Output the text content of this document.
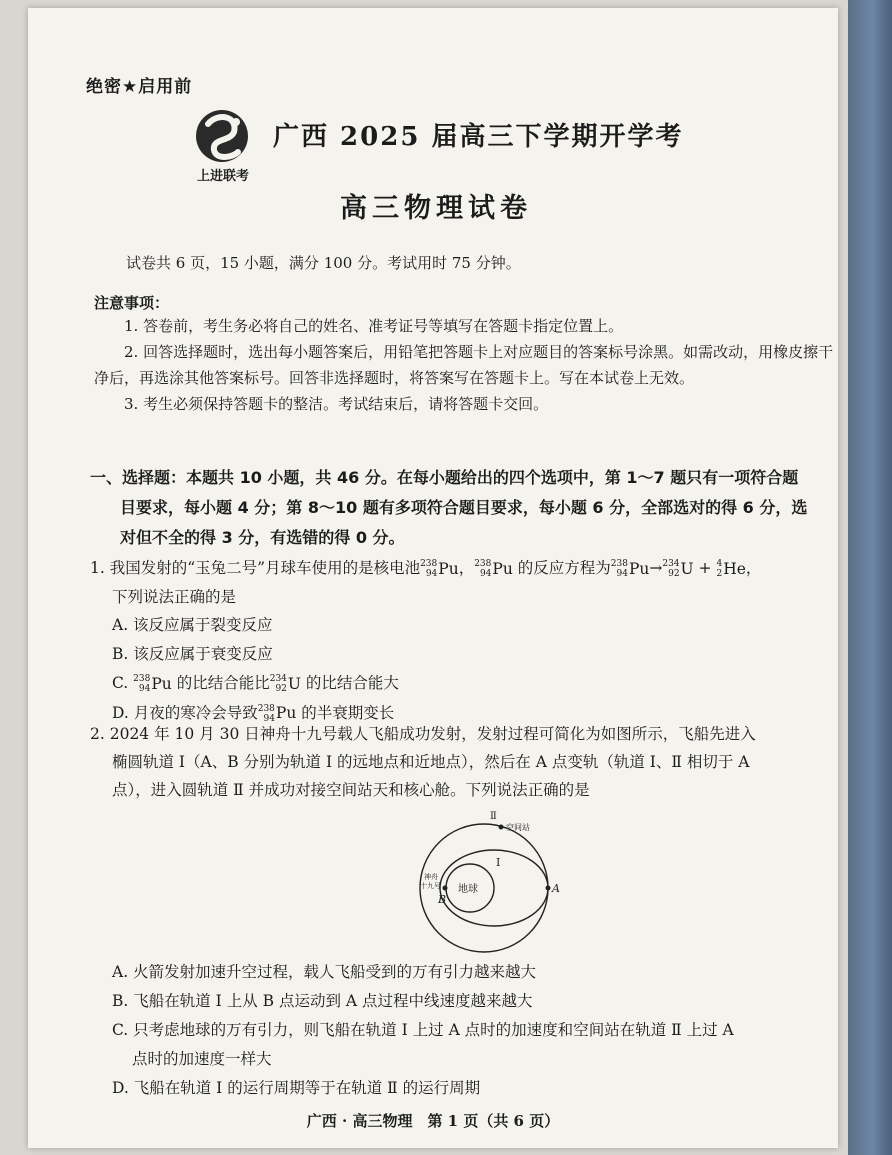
绝密★启用前
上进联考
广西 2025 届高三下学期开学考
高三物理试卷
试卷共 6 页，15 小题，满分 100 分。考试用时 75 分钟。
注意事项：

1. 答卷前，考生务必将自己的姓名、准考证号等填写在答题卡指定位置上。

2. 回答选择题时，选出每小题答案后，用铅笔把答题卡上对应题目的答案标号涂黑。如需改动，用橡皮擦干净后，再选涂其他答案标号。回答非选择题时，将答案写在答题卡上。写在本试卷上无效。

3. 考生必须保持答题卡的整洁。考试结束后，请将答题卡交回。

一、选择题：本题共 10 小题，共 46 分。在每小题给出的四个选项中，第 1～7 题只有一项符合题
目要求，每小题 4 分；第 8～10 题有多项符合题目要求，每小题 6 分，全部选对的得 6 分，选
对但不全的得 3 分，有选错的得 0 分。
1. 我国发射的“玉兔二号”月球车使用的是核电池 238
94 Pu ， 238
94 Pu 的反应方程为 238
94 Pu → 234
92 U + 4
2 He ，
下列说法正确的是
A. 该反应属于裂变反应
B. 该反应属于衰变反应
C. 238
94 Pu 的比结合能比 234
92 U 的比结合能大
D. 月夜的寒冷会导致 238
94 Pu 的半衰期变长
2. 2024 年 10 月 30 日神舟十九号载人飞船成功发射，发射过程可简化为如图所示，飞船先进入
椭圆轨道 Ⅰ（A、B 分别为轨道 Ⅰ 的远地点和近地点），然后在 A 点变轨（轨道 Ⅰ、Ⅱ 相切于 A
点），进入圆轨道 Ⅱ 并成功对接空间站天和核心舱。下列说法正确的是
Ⅱ
空间站
Ⅰ
神舟
十九号 地球	A
B
A. 火箭发射加速升空过程，载人飞船受到的万有引力越来越大
B. 飞船在轨道 Ⅰ 上从 B 点运动到 A 点过程中线速度越来越大
C. 只考虑地球的万有引力，则飞船在轨道 Ⅰ 上过 A 点时的加速度和空间站在轨道 Ⅱ 上过 A
点时的加速度一样大
D. 飞船在轨道 Ⅰ 的运行周期等于在轨道 Ⅱ 的运行周期
广西 · 高三物理　第 1 页（共 6 页）
